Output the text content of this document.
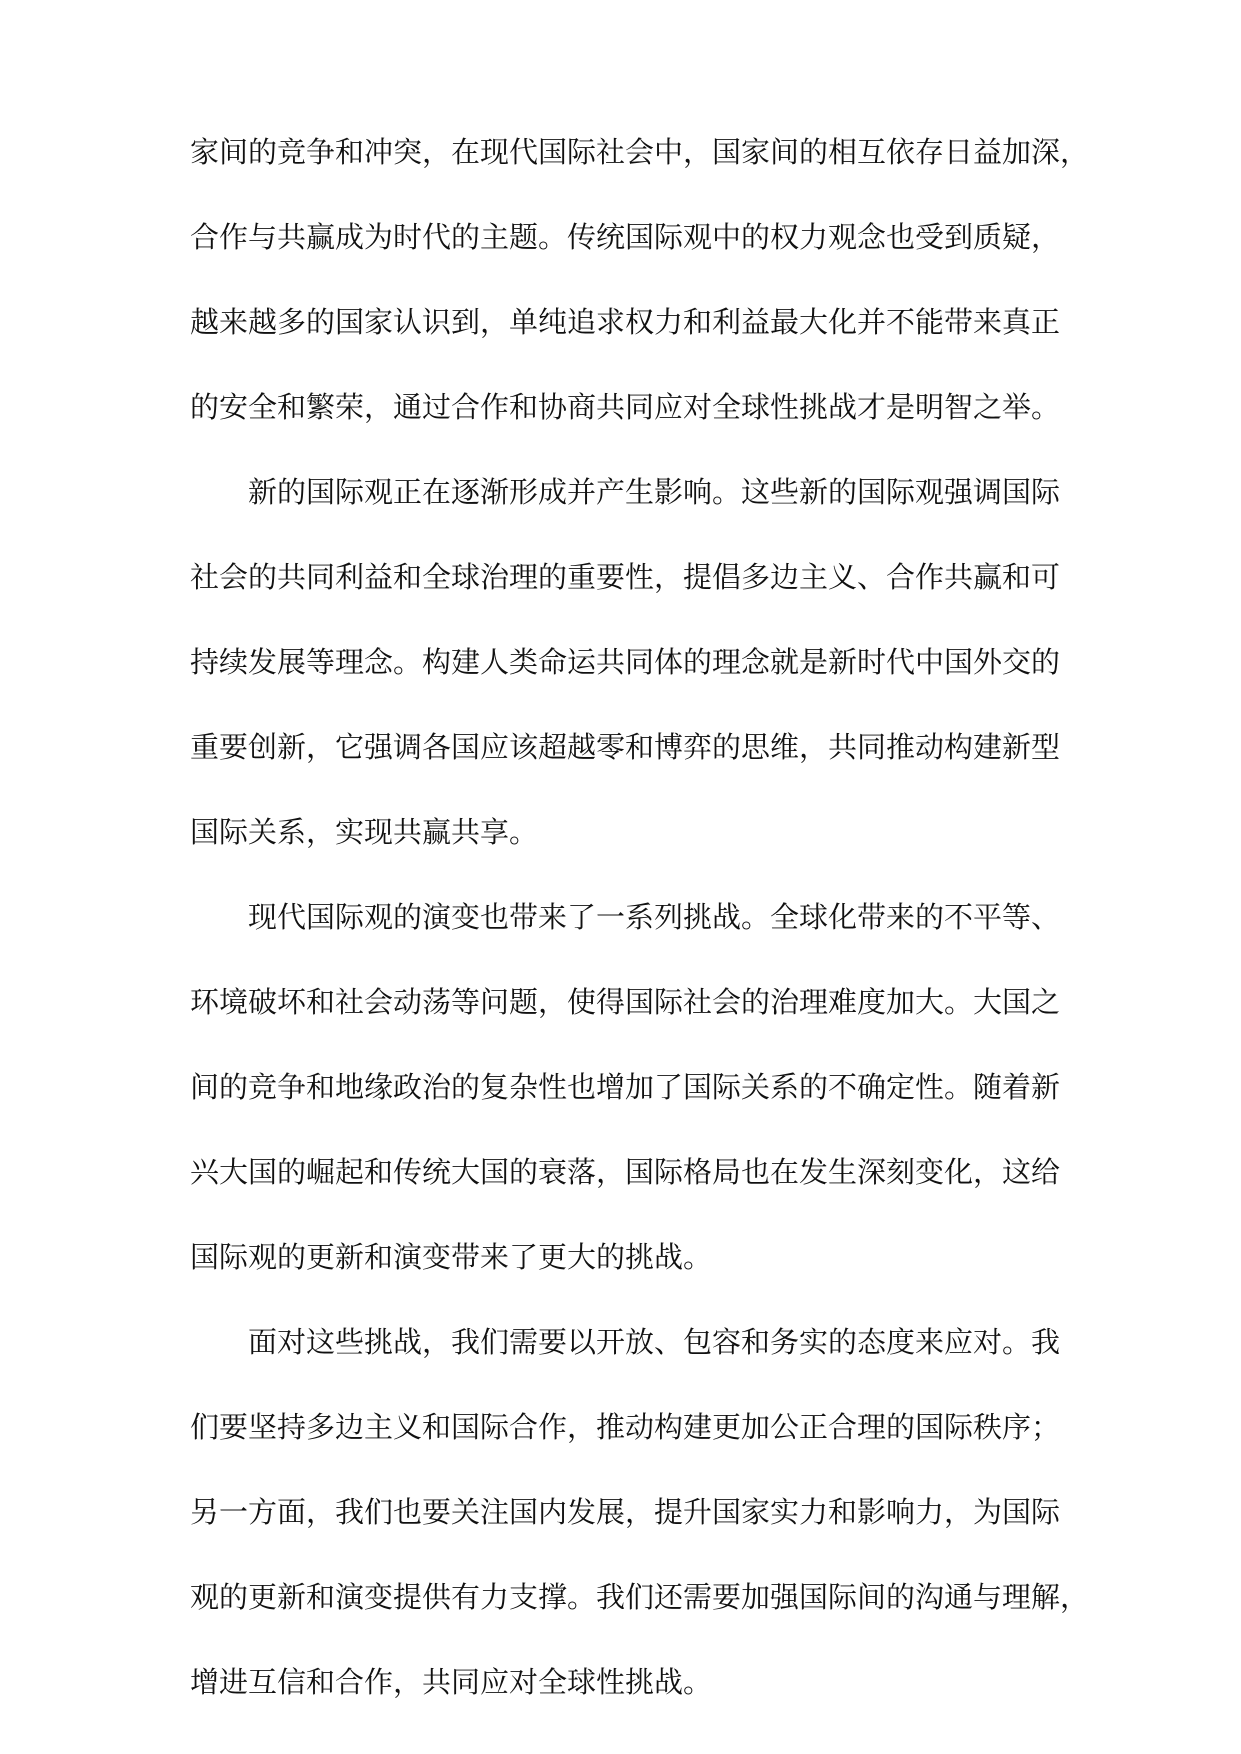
家间的竞争和冲突，在现代国际社会中，国家间的相互依存日益加深，
合作与共赢成为时代的主题。传统国际观中的权力观念也受到质疑，
越来越多的国家认识到，单纯追求权力和利益最大化并不能带来真正
的安全和繁荣，通过合作和协商共同应对全球性挑战才是明智之举。
新的国际观正在逐渐形成并产生影响。这些新的国际观强调国际
社会的共同利益和全球治理的重要性，提倡多边主义、合作共赢和可
持续发展等理念。构建人类命运共同体的理念就是新时代中国外交的
重要创新，它强调各国应该超越零和博弈的思维，共同推动构建新型
国际关系，实现共赢共享。
现代国际观的演变也带来了一系列挑战。全球化带来的不平等、
环境破坏和社会动荡等问题，使得国际社会的治理难度加大。大国之
间的竞争和地缘政治的复杂性也增加了国际关系的不确定性。随着新
兴大国的崛起和传统大国的衰落，国际格局也在发生深刻变化，这给
国际观的更新和演变带来了更大的挑战。
面对这些挑战，我们需要以开放、包容和务实的态度来应对。我
们要坚持多边主义和国际合作，推动构建更加公正合理的国际秩序；
另一方面，我们也要关注国内发展，提升国家实力和影响力，为国际
观的更新和演变提供有力支撑。我们还需要加强国际间的沟通与理解，
增进互信和合作，共同应对全球性挑战。
